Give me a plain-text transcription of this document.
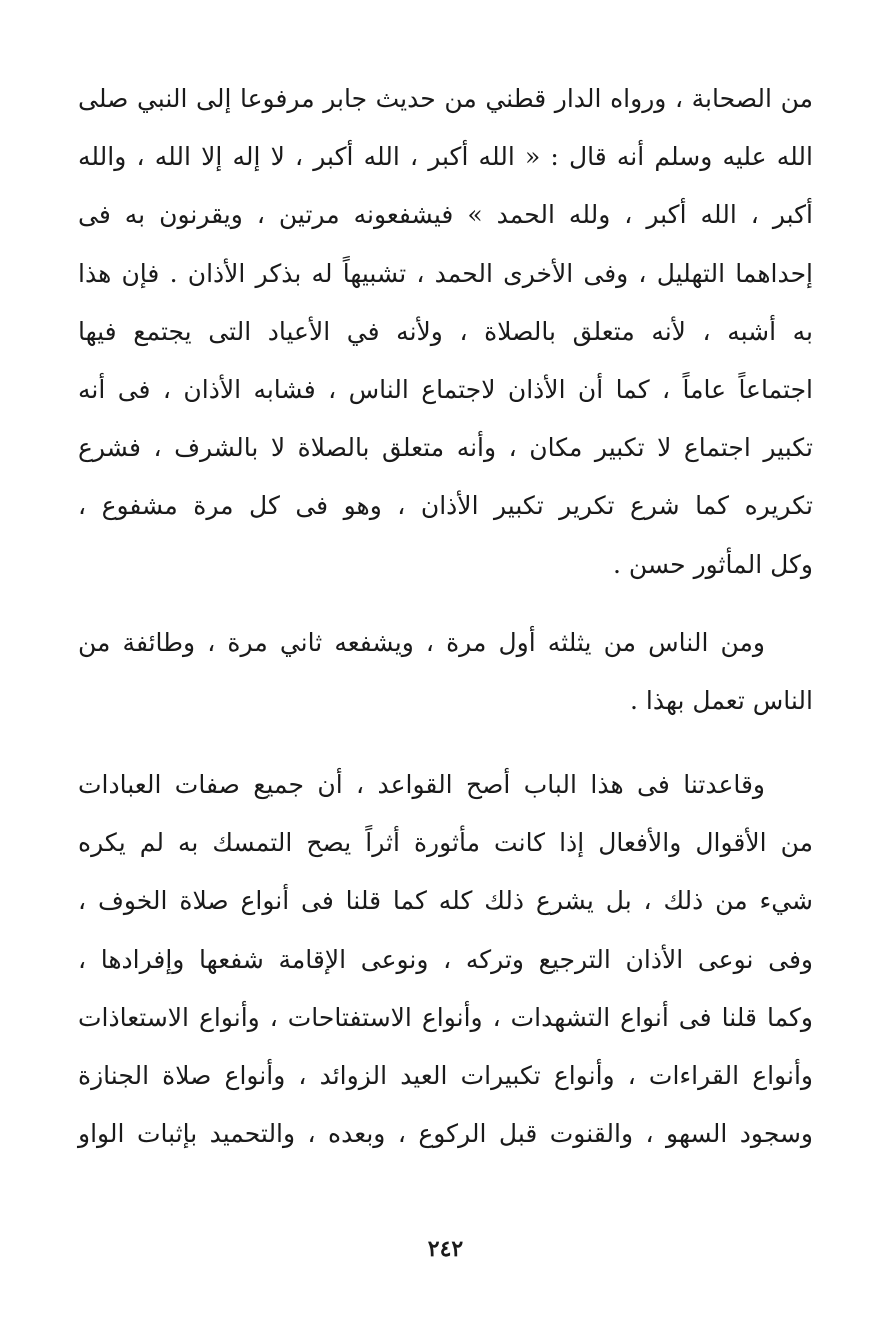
من الصحابة ، ورواه الدار قطني من حديث جابر مرفوعا إلى النبي صلى
الله عليه وسلم أنه قال : « الله أكبر ، الله أكبر ، لا إله إلا الله ، والله
أكبر ، الله أكبر ، ولله الحمد » فيشفعونه مرتين ، ويقرنون به فى
إحداهما التهليل ، وفى الأخرى الحمد ، تشبيهاً له بذكر الأذان . فإن هذا
به أشبه ، لأنه متعلق بالصلاة ، ولأنه في الأعياد التى يجتمع فيها
اجتماعاً عاماً ، كما أن الأذان لاجتماع الناس ، فشابه الأذان ، فى أنه
تكبير اجتماع لا تكبير مكان ، وأنه متعلق بالصلاة لا بالشرف ، فشرع
تكريره كما شرع تكرير تكبير الأذان ، وهو فى كل مرة مشفوع ،
وكل المأثور حسن .
ومن الناس من يثلثه أول مرة ، ويشفعه ثاني مرة ، وطائفة من
الناس تعمل بهذا .
وقاعدتنا فى هذا الباب أصح القواعد ، أن جميع صفات العبادات
من الأقوال والأفعال إذا كانت مأثورة أثراً يصح التمسك به لم يكره
شيء من ذلك ، بل يشرع ذلك كله كما قلنا فى أنواع صلاة الخوف ،
وفى نوعى الأذان الترجيع وتركه ، ونوعى الإقامة شفعها وإفرادها ،
وكما قلنا فى أنواع التشهدات ، وأنواع الاستفتاحات ، وأنواع الاستعاذات
وأنواع القراءات ، وأنواع تكبيرات العيد الزوائد ، وأنواع صلاة الجنازة
وسجود السهو ، والقنوت قبل الركوع ، وبعده ، والتحميد بإثبات الواو
٢٤٢
